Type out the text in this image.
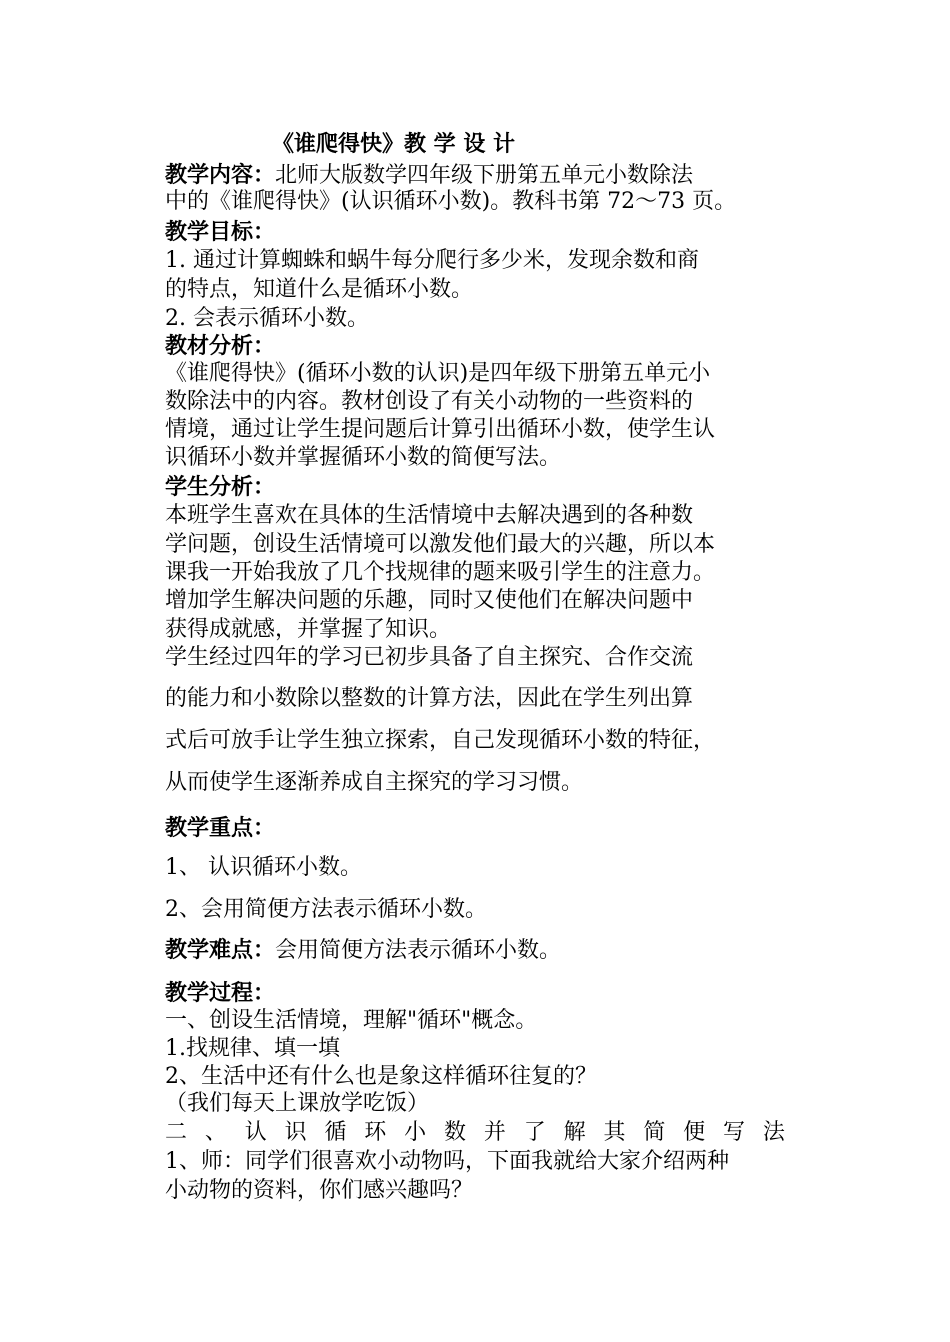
《谁爬得快》教 学 设 计
教学内容：北师大版数学四年级下册第五单元小数除法
中的《谁爬得快》(认识循环小数)。教科书第 72～73 页。
教学目标：
1. 通过计算蜘蛛和蜗牛每分爬行多少米，发现余数和商
的特点，知道什么是循环小数。
2. 会表示循环小数。
教材分析：
《谁爬得快》(循环小数的认识)是四年级下册第五单元小
数除法中的内容。教材创设了有关小动物的一些资料的
情境，通过让学生提问题后计算引出循环小数，使学生认
识循环小数并掌握循环小数的简便写法。
学生分析：
本班学生喜欢在具体的生活情境中去解决遇到的各种数
学问题，创设生活情境可以激发他们最大的兴趣，所以本
课我一开始我放了几个找规律的题来吸引学生的注意力。
增加学生解决问题的乐趣，同时又使他们在解决问题中
获得成就感，并掌握了知识。
学生经过四年的学习已初步具备了自主探究、合作交流
的能力和小数除以整数的计算方法，因此在学生列出算
式后可放手让学生独立探索，自己发现循环小数的特征，
从而使学生逐渐养成自主探究的学习习惯。
教学重点：
1、 认识循环小数。
2、会用简便方法表示循环小数。
教学难点：会用简便方法表示循环小数。
教学过程：
一、创设生活情境，理解"循环"概念。
1.找规律、填一填
2、生活中还有什么也是象这样循环往复的？
（我们每天上课放学吃饭）
二 、 认 识 循 环 小 数 并 了 解 其 简 便 写 法
1、师：同学们很喜欢小动物吗，下面我就给大家介绍两种
小动物的资料，你们感兴趣吗？
